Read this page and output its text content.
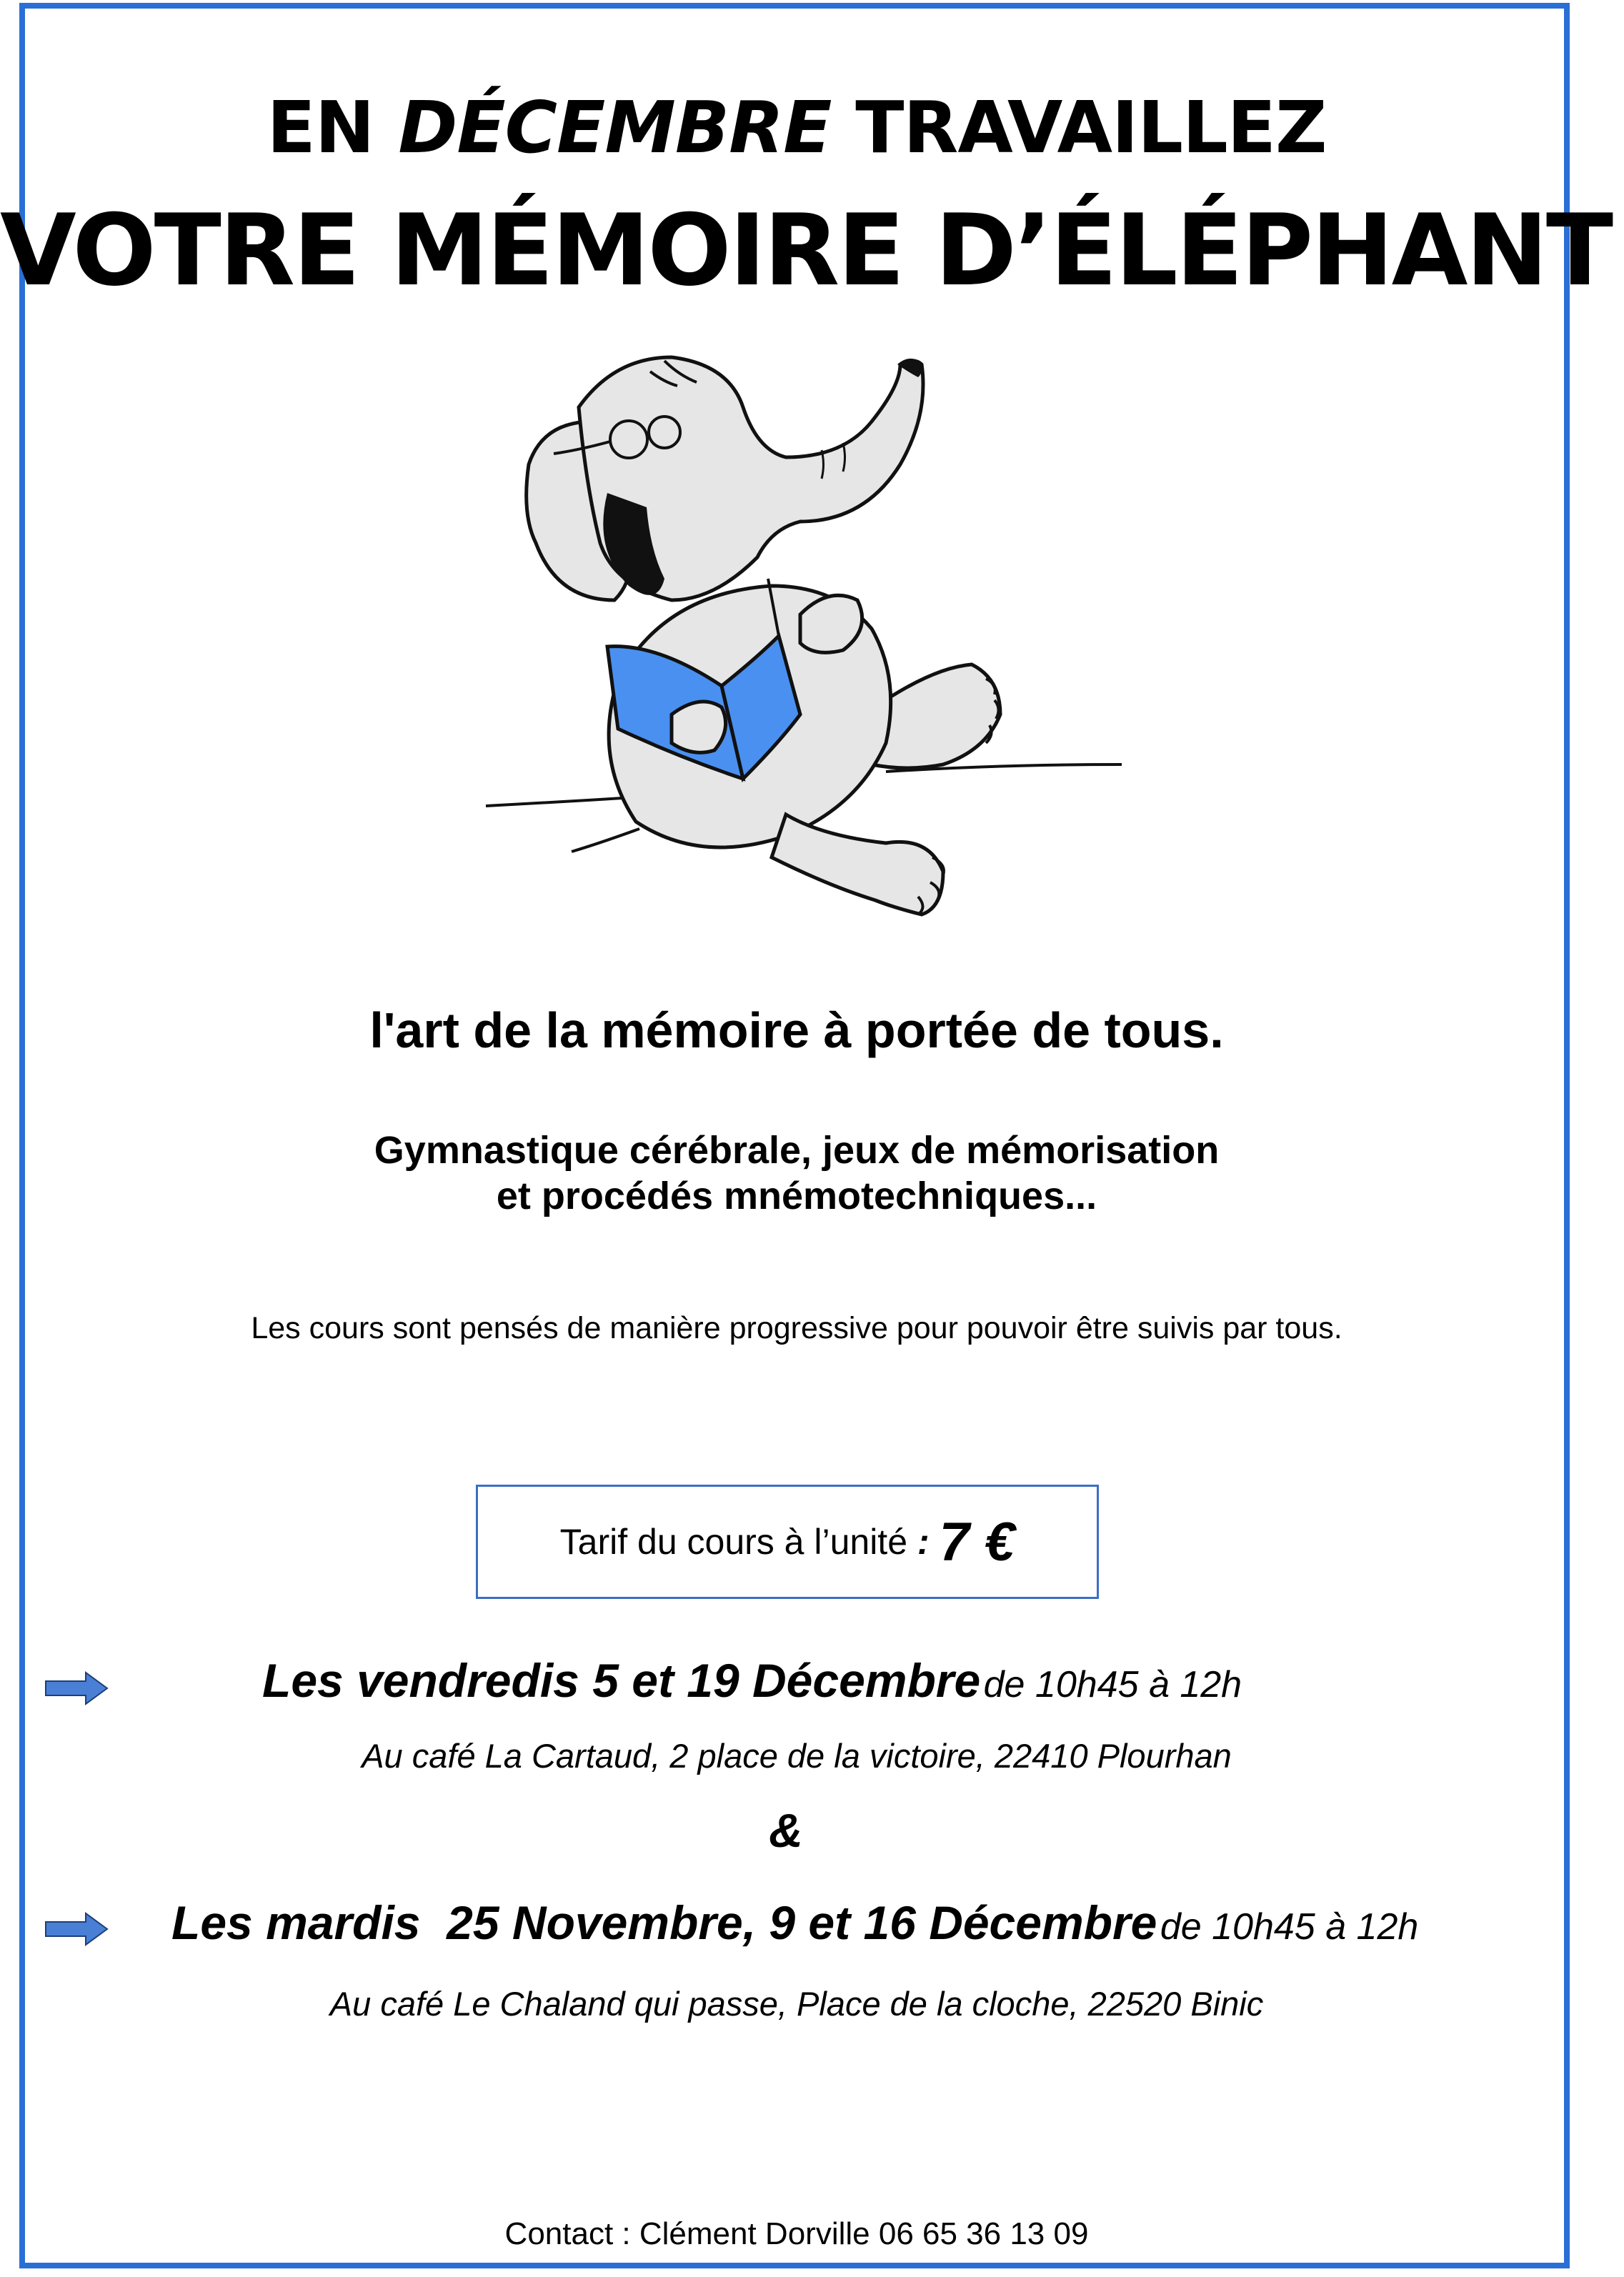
EN DÉCEMBRE TRAVAILLEZ
VOTRE MÉMOIRE D’ÉLÉPHANT
l'art de la mémoire à portée de tous.
Gymnastique cérébrale, jeux de mémorisation
et procédés mnémotechniques...
Les cours sont pensés de manière progressive pour pouvoir être suivis par tous.
Tarif du cours à l’unité : 7 €
Les vendredis 5 et 19 Décembre de 10h45 à 12h
Au café La Cartaud, 2 place de la victoire, 22410 Plourhan
&
Les mardis  25 Novembre, 9 et 16 Décembre de 10h45 à 12h
Au café Le Chaland qui passe, Place de la cloche, 22520 Binic
Contact : Clément Dorville 06 65 36 13 09
